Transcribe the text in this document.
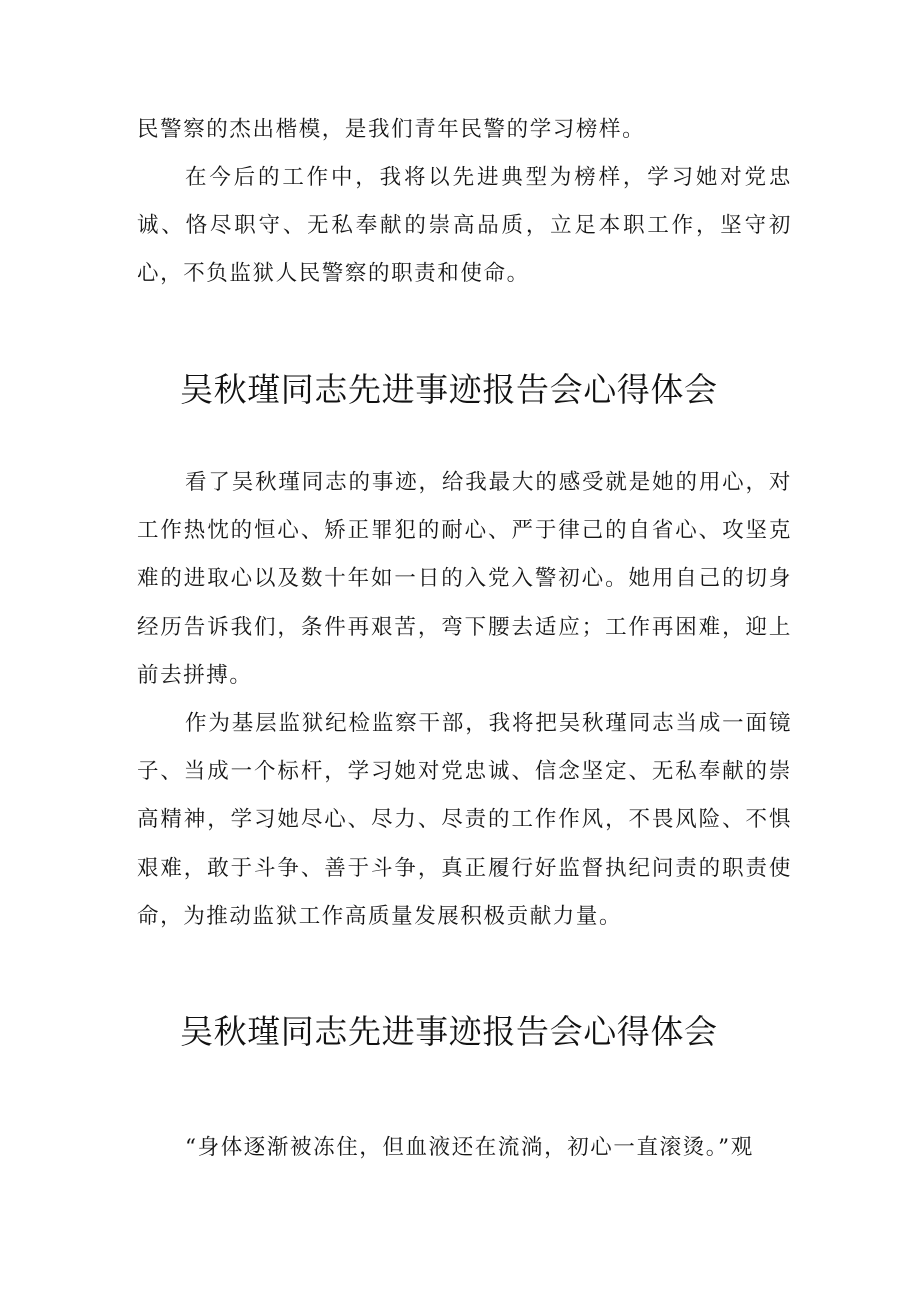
民警察的杰出楷模，是我们青年民警的学习榜样。

在今后的工作中，我将以先进典型为榜样，学习她对党忠诚、恪尽职守、无私奉献的崇高品质，立足本职工作，坚守初心，不负监狱人民警察的职责和使命。

吴秋瑾同志先进事迹报告会心得体会

看了吴秋瑾同志的事迹，给我最大的感受就是她的用心，对工作热忱的恒心、矫正罪犯的耐心、严于律己的自省心、攻坚克难的进取心以及数十年如一日的入党入警初心。她用自己的切身经历告诉我们，条件再艰苦，弯下腰去适应；工作再困难，迎上前去拼搏。

作为基层监狱纪检监察干部，我将把吴秋瑾同志当成一面镜子、当成一个标杆，学习她对党忠诚、信念坚定、无私奉献的崇高精神，学习她尽心、尽力、尽责的工作作风，不畏风险、不惧艰难，敢于斗争、善于斗争，真正履行好监督执纪问责的职责使命，为推动监狱工作高质量发展积极贡献力量。

吴秋瑾同志先进事迹报告会心得体会

“身体逐渐被冻住，但血液还在流淌，初心一直滚烫。”观
